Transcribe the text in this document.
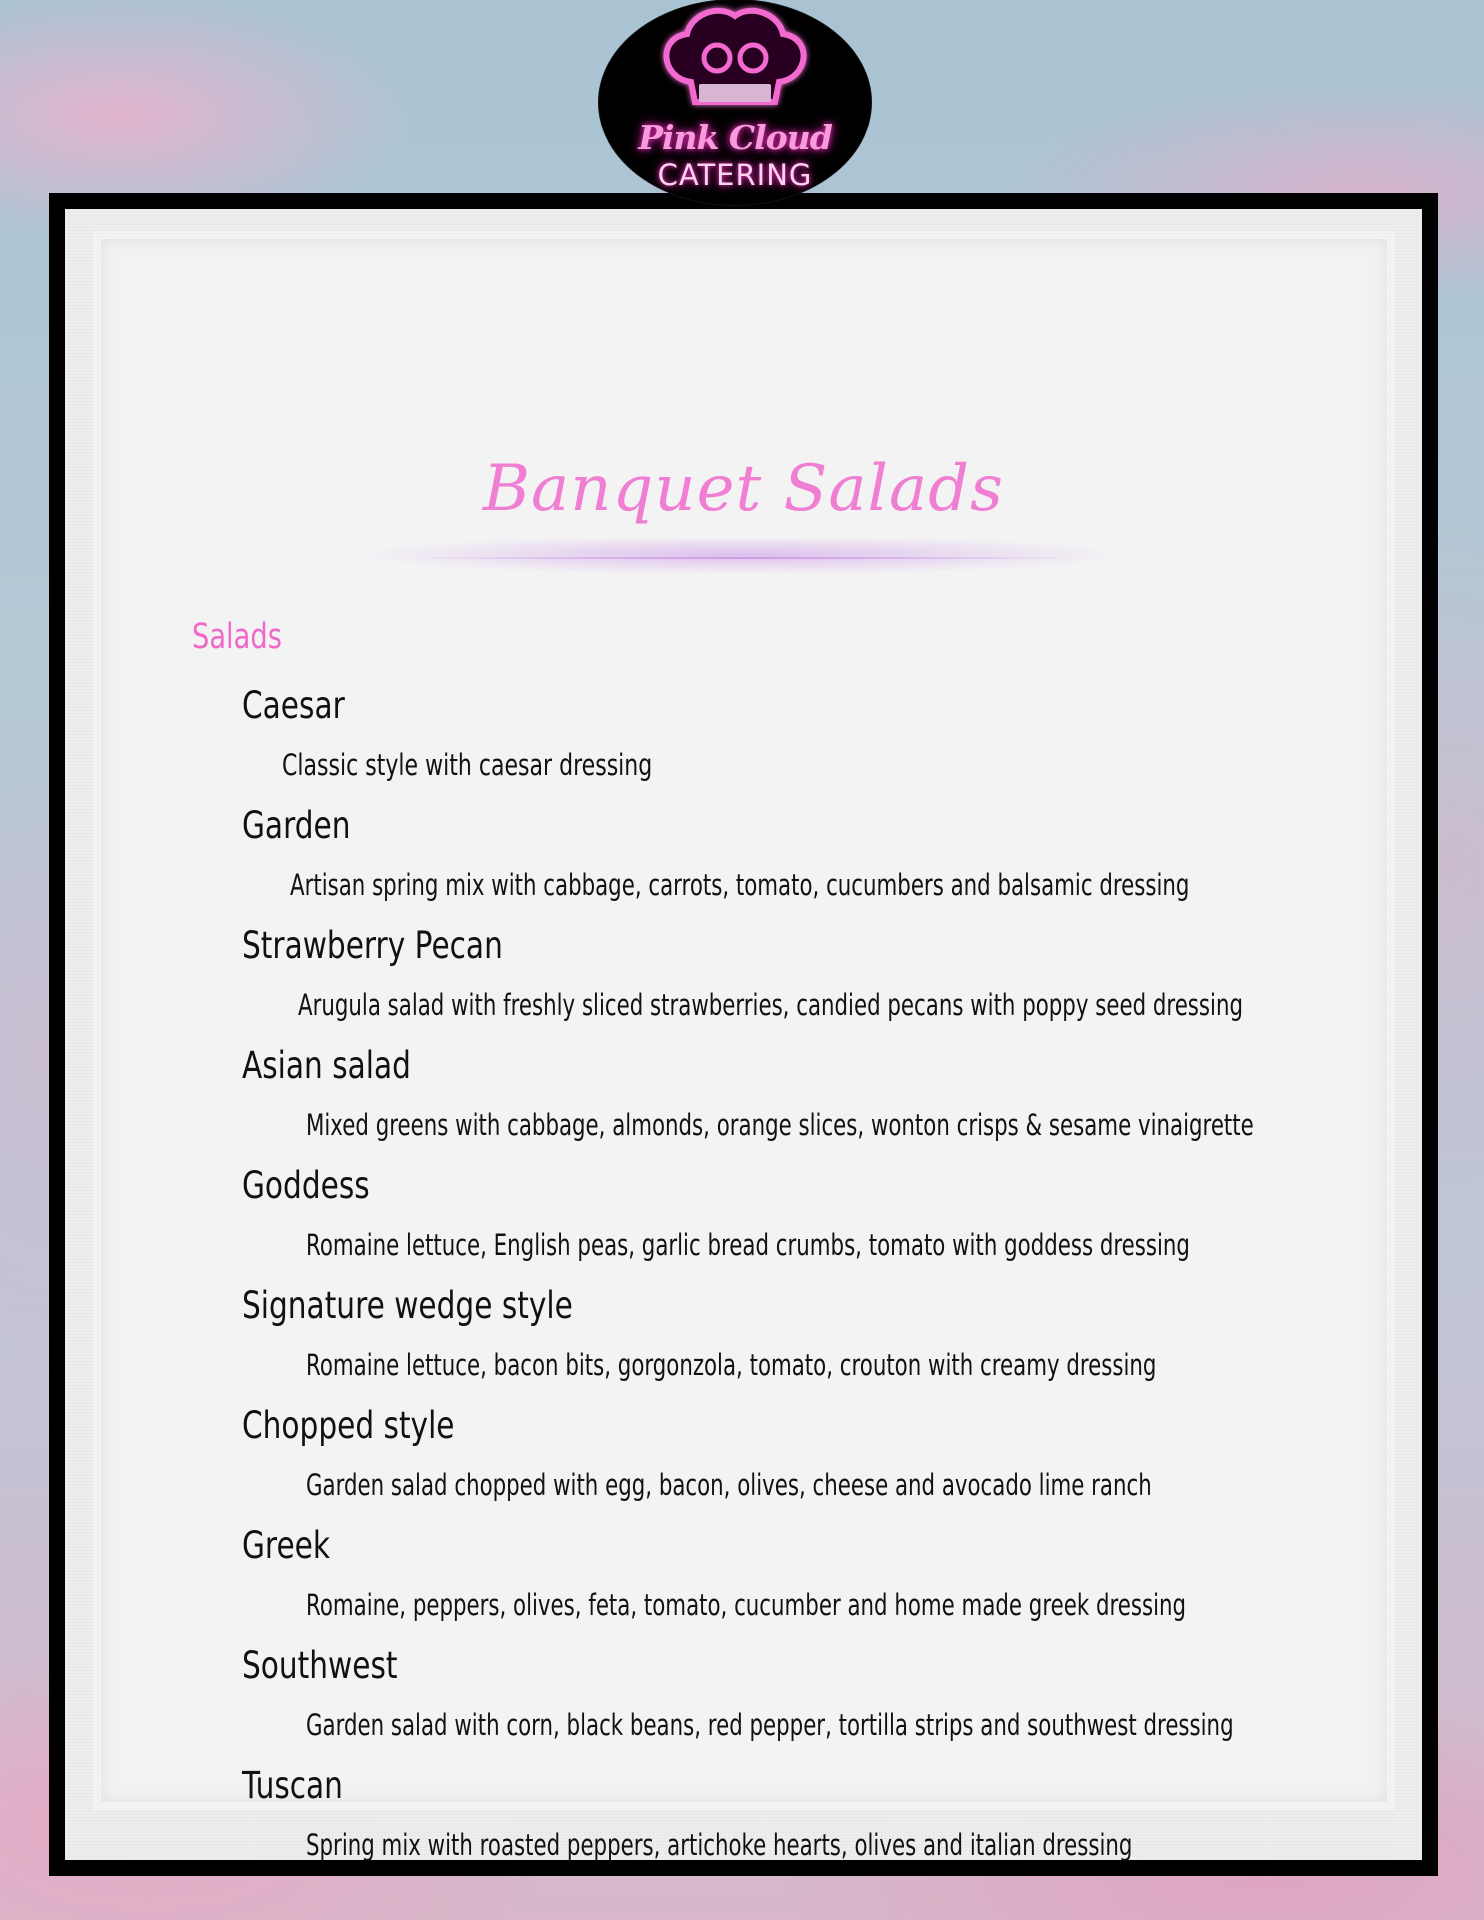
Pink Cloud
CATERING
Banquet Salads
Salads
Caesar
Classic style with caesar dressing
Garden
Artisan spring mix with cabbage, carrots, tomato, cucumbers and balsamic dressing
Strawberry Pecan
Arugula salad with freshly sliced strawberries, candied pecans with poppy seed dressing
Asian salad
Mixed greens with cabbage, almonds, orange slices, wonton crisps & sesame vinaigrette
Goddess
Romaine lettuce, English peas, garlic bread crumbs, tomato with goddess dressing
Signature wedge style
Romaine lettuce, bacon bits, gorgonzola, tomato, crouton with creamy dressing
Chopped style
Garden salad chopped with egg, bacon, olives, cheese and avocado lime ranch
Greek
Romaine, peppers, olives, feta, tomato, cucumber and home made greek dressing
Southwest
Garden salad with corn, black beans, red pepper, tortilla strips and southwest dressing
Tuscan
Spring mix with roasted peppers, artichoke hearts, olives and italian dressing
